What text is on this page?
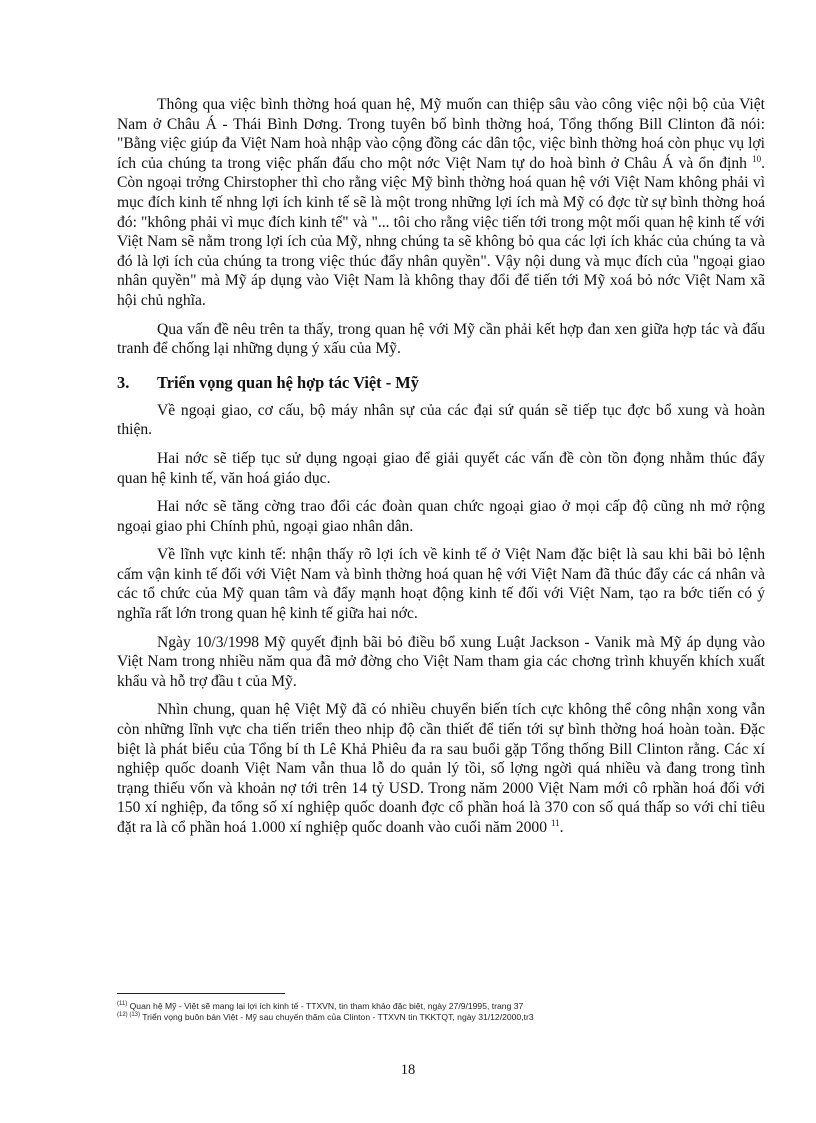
Thông qua việc bình thờng hoá quan hệ, Mỹ muốn can thiệp sâu vào công việc nội bộ của Việt Nam ở Châu Á - Thái Bình Dơng. Trong tuyên bố bình thờng hoá, Tổng thống Bill Clinton đã nói: "Bằng việc giúp đa Việt Nam hoà nhập vào cộng đồng các dân tộc, việc bình thờng hoá còn phục vụ lợi ích của chúng ta trong việc phấn đấu cho một nớc Việt Nam tự do hoà bình ở Châu Á và ổn định $^{10}$. Còn ngoại trởng Chirstopher thì cho rằng việc Mỹ bình thờng hoá quan hệ với Việt Nam không phải vì mục đích kinh tế nhng lợi ích kinh tế sẽ là một trong những lợi ích mà Mỹ có đợc từ sự bình thờng hoá đó: "không phải vì mục đích kinh tế" và "... tôi cho rằng việc tiến tới trong một mối quan hệ kinh tế với Việt Nam sẽ nằm trong lợi ích của Mỹ, nhng chúng ta sẽ không bỏ qua các lợi ích khác của chúng ta và đó là lợi ích của chúng ta trong việc thúc đẩy nhân quyền". Vậy nội dung và mục đích của "ngoại giao nhân quyền" mà Mỹ áp dụng vào Việt Nam là không thay đổi để tiến tới Mỹ xoá bỏ nớc Việt Nam xã hội chủ nghĩa.

Qua vấn đề nêu trên ta thấy, trong quan hệ với Mỹ cần phải kết hợp đan xen giữa hợp tác và đấu tranh để chống lại những dụng ý xấu của Mỹ.

3. Triển vọng quan hệ hợp tác Việt - Mỹ

Về ngoại giao, cơ cấu, bộ máy nhân sự của các đại sứ quán sẽ tiếp tục đợc bổ xung và hoàn thiện.

Hai nớc sẽ tiếp tục sử dụng ngoại giao để giải quyết các vấn đề còn tồn đọng nhằm thúc đẩy quan hệ kinh tế, văn hoá giáo dục.

Hai nớc sẽ tăng cờng trao đổi các đoàn quan chức ngoại giao ở mọi cấp độ cũng nh mở rộng ngoại giao phi Chính phủ, ngoại giao nhân dân.

Về lĩnh vực kinh tế: nhận thấy rõ lợi ích về kinh tế ở Việt Nam đặc biệt là sau khi bãi bỏ lệnh cấm vận kinh tế đối với Việt Nam và bình thờng hoá quan hệ với Việt Nam đã thúc đẩy các cá nhân và các tổ chức của Mỹ quan tâm và đẩy mạnh hoạt động kinh tế đối với Việt Nam, tạo ra bớc tiến có ý nghĩa rất lớn trong quan hệ kinh tế giữa hai nớc.

Ngày 10/3/1998 Mỹ quyết định bãi bỏ điều bổ xung Luật Jackson - Vanik mà Mỹ áp dụng vào Việt Nam trong nhiều năm qua đã mở đờng cho Việt Nam tham gia các chơng trình khuyến khích xuất khẩu và hỗ trợ đầu t của Mỹ.

Nhìn chung, quan hệ Việt Mỹ đã có nhiều chuyển biến tích cực không thể công nhận xong vẫn còn những lĩnh vực cha tiến triển theo nhịp độ cần thiết để tiến tới sự bình thờng hoá hoàn toàn. Đặc biệt là phát biểu của Tổng bí th Lê Khả Phiêu đa ra sau buổi gặp Tổng thống Bill Clinton rằng. Các xí nghiệp quốc doanh Việt Nam vẫn thua lỗ do quản lý tồi, số lợng ngời quá nhiều và đang trong tình trạng thiếu vốn và khoản nợ tới trên 14 tỷ USD. Trong năm 2000 Việt Nam mới cô rphần hoá đối với 150 xí nghiệp, đa tổng số xí nghiệp quốc doanh đợc cổ phần hoá là 370 con số quá thấp so với chỉ tiêu đặt ra là cổ phần hoá 1.000 xí nghiệp quốc doanh vào cuối năm 2000 $^{11}$.

$^{(11)}$ Quan hệ Mỹ - Việt sẽ mang lại lợi ích kinh tế - TTXVN, tin tham khảo đặc biệt, ngày 27/9/1995, trang 37
$^{(12) (13)}$ Triển vọng buôn bán Việt - Mỹ sau chuyến thăm của Clinton - TTXVN tin TKKTQT, ngày 31/12/2000,tr3
18
